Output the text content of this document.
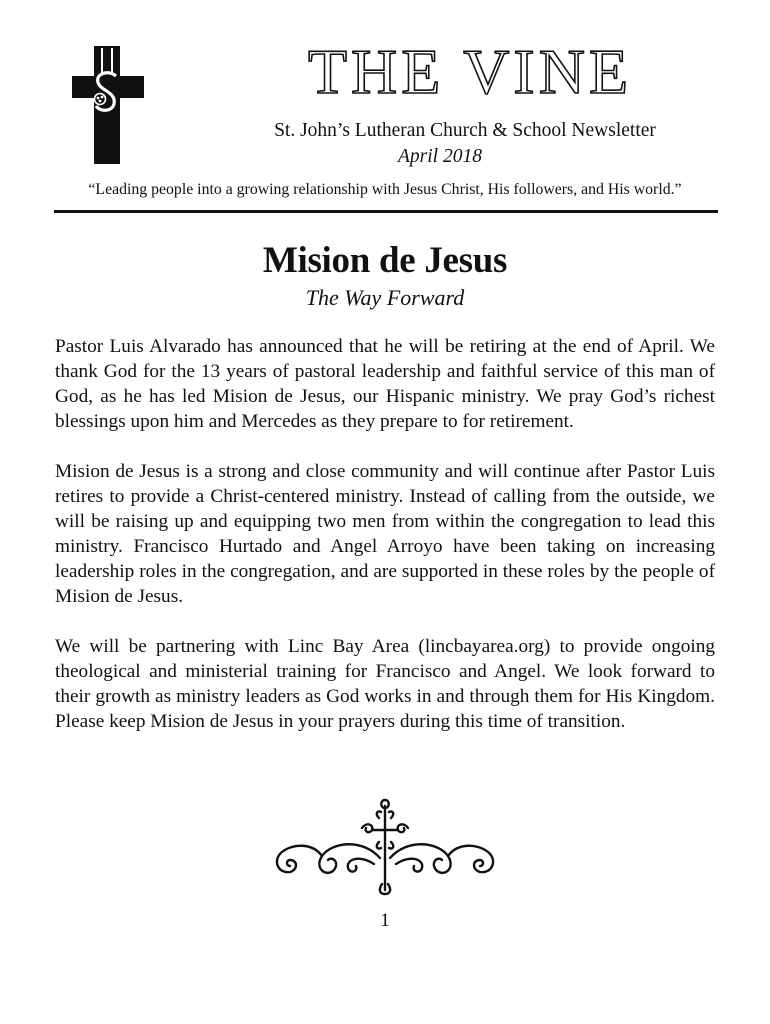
THE VINE
St. John’s Lutheran Church & School Newsletter
April 2018
“Leading people into a growing relationship with Jesus Christ, His followers, and His world.”
Mision de Jesus
The Way Forward

Pastor Luis Alvarado has announced that he will be retiring at the end of April. We thank God for the 13 years of pastoral leadership and faithful service of this man of God, as he has led Mision de Jesus, our Hispanic ministry. We pray God’s richest blessings upon him and Mercedes as they prepare to for retirement.

Mision de Jesus is a strong and close community and will continue after Pastor Luis retires to provide a Christ-centered ministry. Instead of calling from the outside, we will be raising up and equipping two men from within the congregation to lead this ministry. Francisco Hurtado and Angel Arroyo have been taking on increasing leadership roles in the congregation, and are supported in these roles by the people of Mision de Jesus.

We will be partnering with Linc Bay Area (lincbayarea.org) to provide ongoing theological and ministerial training for Francisco and Angel. We look forward to their growth as ministry leaders as God works in and through them for His Kingdom. Please keep Mision de Jesus in your prayers during this time of transition.

1
